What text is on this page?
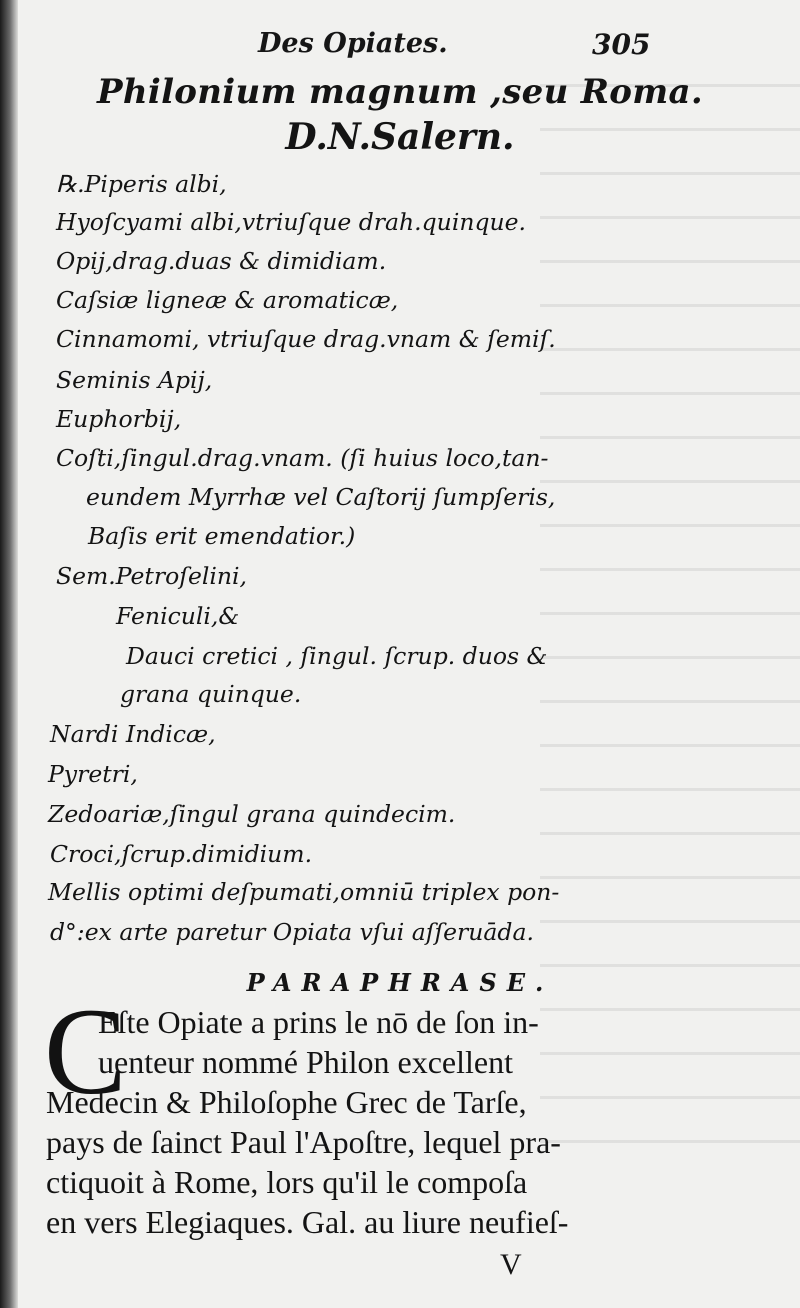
Des Opiates.	305
Philonium magnum ,seu Roma.
D.N.Salern.
℞.Piperis albi,
Hyoſcyami albi,vtriuſque drah.quinque.
Opij,drag.duas & dimidiam.
Caſsiæ ligneæ & aromaticæ,
Cinnamomi, vtriuſque drag.vnam & ſemiſ.
Seminis Apij,
Euphorbij,
Coſti,ſingul.drag.vnam. (ſi huius loco,tan-
eundem Myrrhæ vel Caſtorij ſumpſeris,
Baſis erit emendatior.)
Sem.Petroſelini,
Feniculi,&
Dauci cretici , ſingul. ſcrup. duos &
grana quinque.
Nardi Indicæ,
Pyretri,
Zedoariæ,ſingul grana quindecim.
Croci,ſcrup.dimidium.
Mellis optimi deſpumati,omniū triplex pon-
d°:ex arte paretur Opiata vſui aſſeruāda.
PARAPHRASE.
C
Eſte Opiate a prins le nō de ſon in-
uenteur nommé Philon excellent
Medecin & Philoſophe Grec de Tarſe,
pays de ſainct Paul l'Apoſtre, lequel pra-
ctiquoit à Rome, lors qu'il le compoſa
en vers Elegiaques. Gal. au liure neufieſ-
V
